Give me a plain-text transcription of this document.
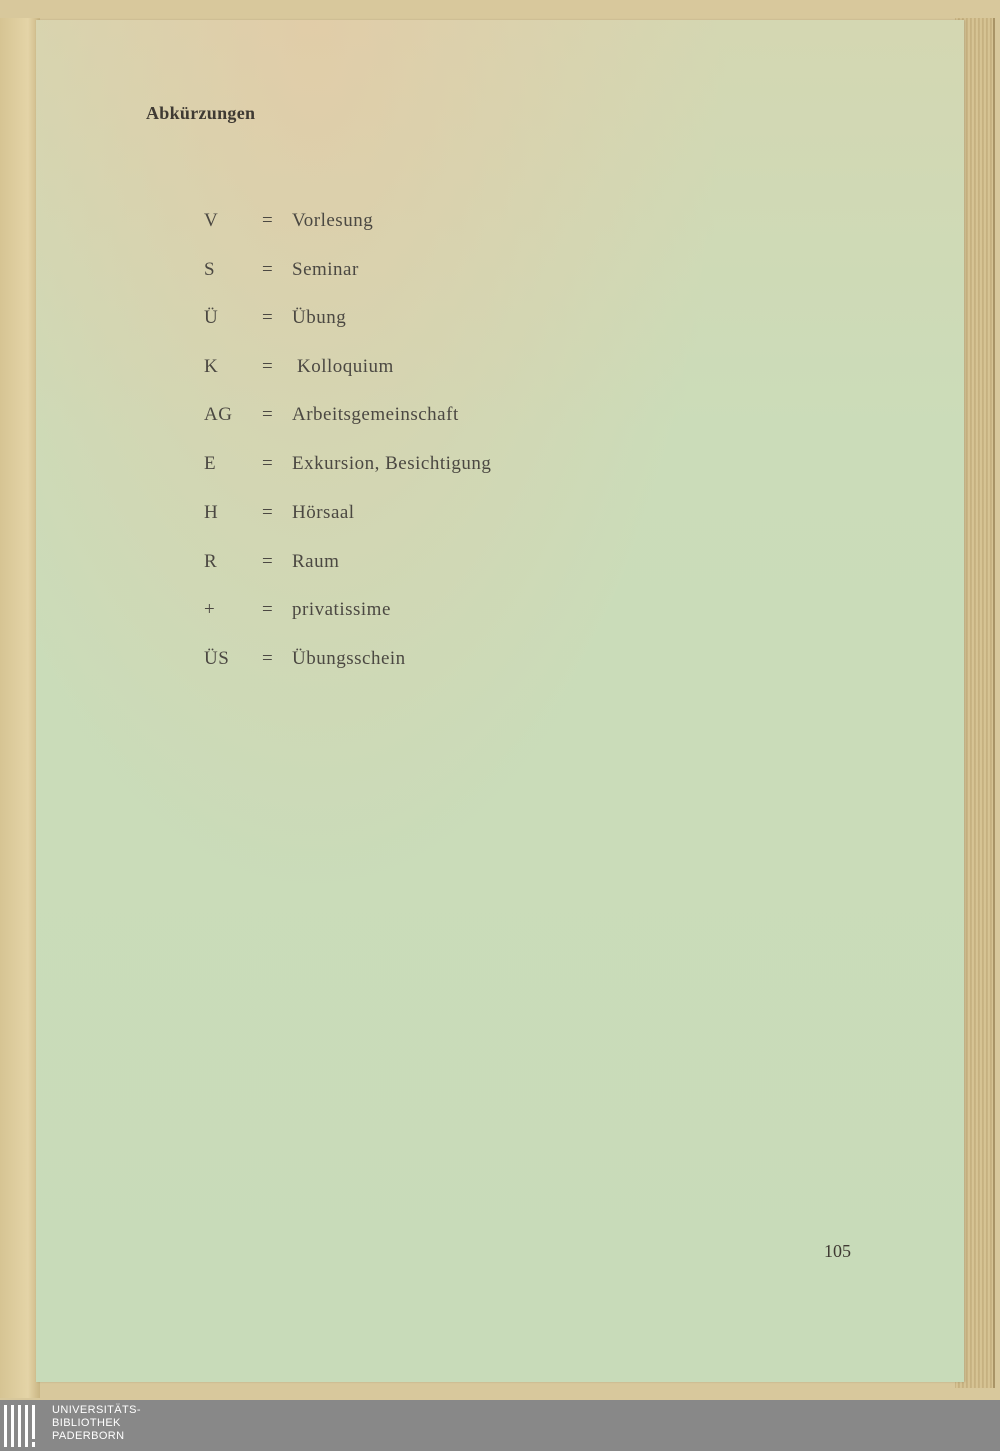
Abkürzungen
V	= Vorlesung
S	= Seminar
Ü	= Übung
K	=	Kolloquium
AG	= Arbeitsgemeinschaft
E	= Exkursion, Besichtigung
H	= Hörsaal
R	= Raum
+	= privatissime
ÜS	= Übungsschein
105
UNIVERSITÄTS-
BIBLIOTHEK
PADERBORN
